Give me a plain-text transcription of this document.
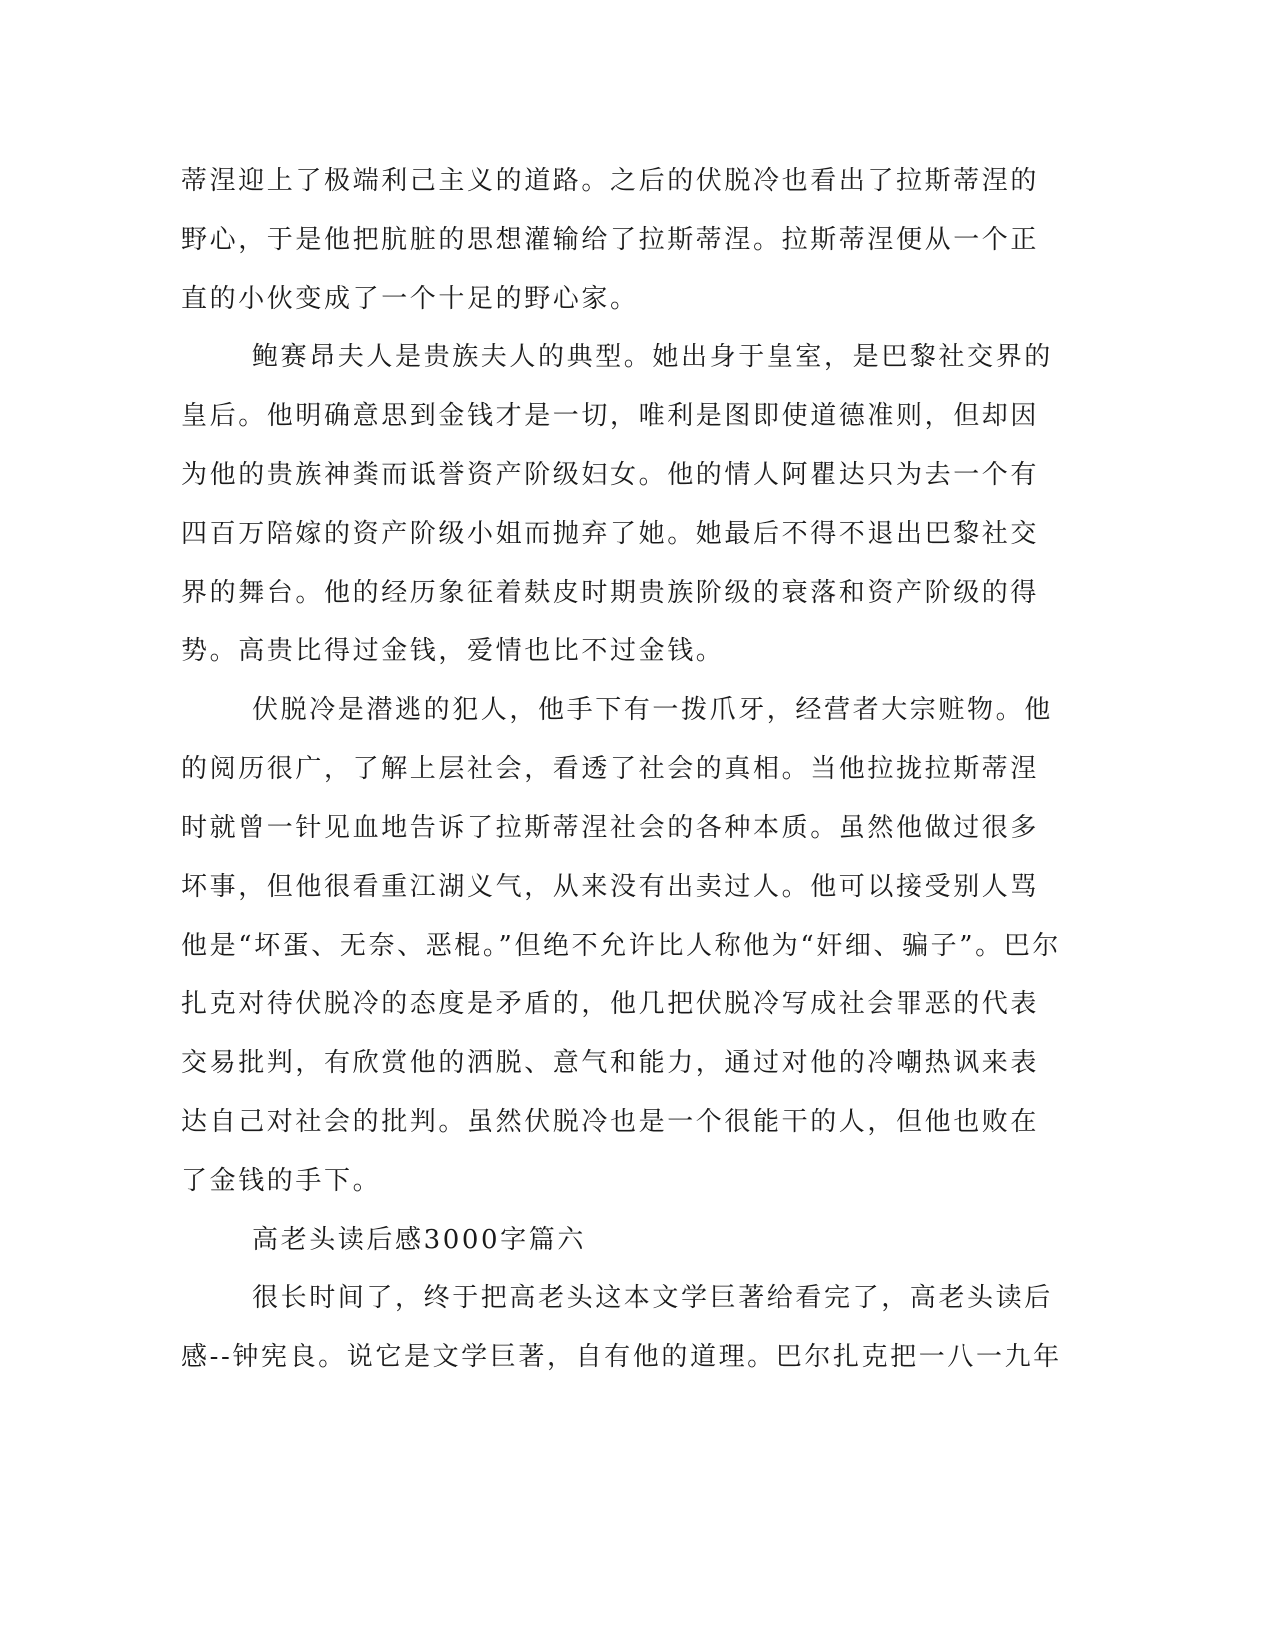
蒂涅迎上了极端利己主义的道路。之后的伏脱冷也看出了拉斯蒂涅的
野心，于是他把肮脏的思想灌输给了拉斯蒂涅。拉斯蒂涅便从一个正
直的小伙变成了一个十足的野心家。
鲍赛昂夫人是贵族夫人的典型。她出身于皇室，是巴黎社交界的
皇后。他明确意思到金钱才是一切，唯利是图即使道德准则，但却因
为他的贵族神粪而诋誉资产阶级妇女。他的情人阿瞿达只为去一个有
四百万陪嫁的资产阶级小姐而抛弃了她。她最后不得不退出巴黎社交
界的舞台。他的经历象征着麸皮时期贵族阶级的衰落和资产阶级的得
势。高贵比得过金钱，爱情也比不过金钱。
伏脱冷是潜逃的犯人，他手下有一拨爪牙，经营者大宗赃物。他
的阅历很广，了解上层社会，看透了社会的真相。当他拉拢拉斯蒂涅
时就曾一针见血地告诉了拉斯蒂涅社会的各种本质。虽然他做过很多
坏事，但他很看重江湖义气，从来没有出卖过人。他可以接受别人骂
他是“坏蛋、无奈、恶棍。”但绝不允许比人称他为“奸细、骗子”。巴尔
扎克对待伏脱冷的态度是矛盾的，他几把伏脱冷写成社会罪恶的代表
交易批判，有欣赏他的洒脱、意气和能力，通过对他的冷嘲热讽来表
达自己对社会的批判。虽然伏脱冷也是一个很能干的人，但他也败在
了金钱的手下。
高老头读后感3000字篇六
很长时间了，终于把高老头这本文学巨著给看完了，高老头读后
感--钟宪良。说它是文学巨著，自有他的道理。巴尔扎克把一八一九年
